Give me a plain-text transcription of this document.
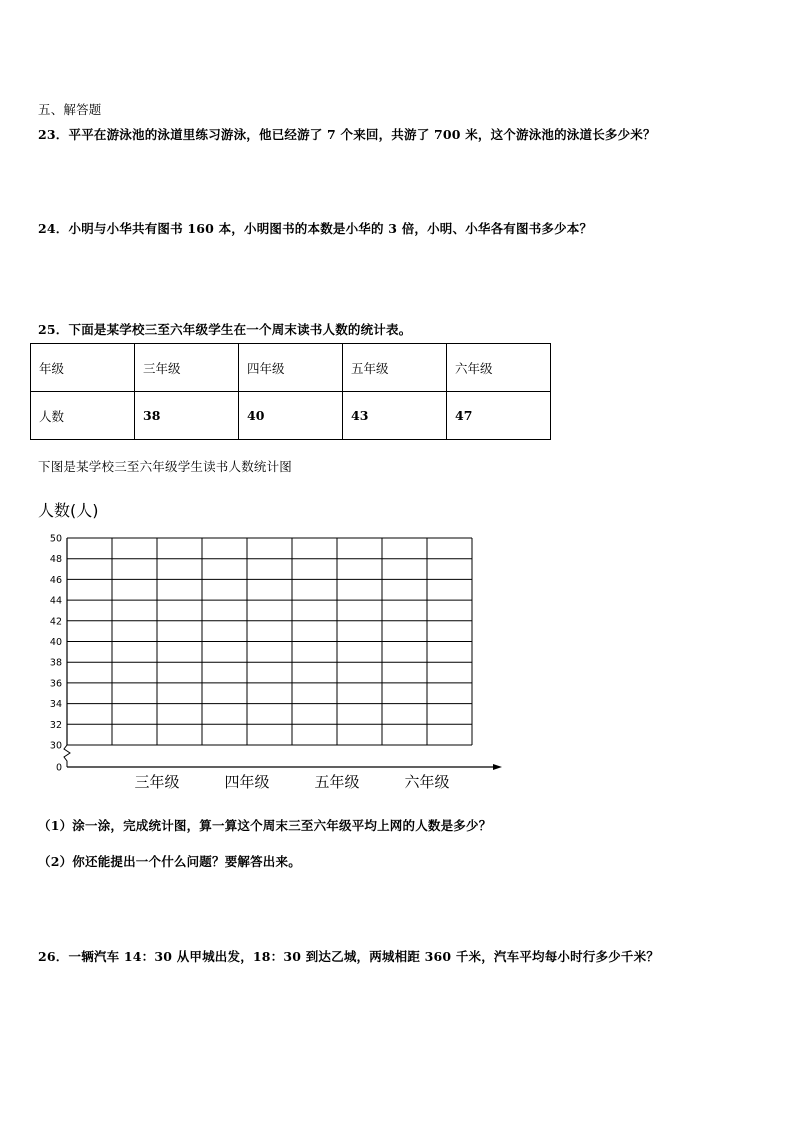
五、解答题
23．平平在游泳池的泳道里练习游泳，他已经游了 7 个来回，共游了 700 米，这个游泳池的泳道长多少米？
24．小明与小华共有图书 160 本，小明图书的本数是小华的 3 倍，小明、小华各有图书多少本？
25．下面是某学校三至六年级学生在一个周末读书人数的统计表。
年级	三年级	四年级	五年级	六年级
人数	38	40	43	47
下图是某学校三至六年级学生读书人数统计图
人数(人)
0
30
32
34
36
38
40
42
44
46
48
50
三年级	四年级	五年级	六年级
（1）涂一涂，完成统计图，算一算这个周末三至六年级平均上网的人数是多少？
（2）你还能提出一个什么问题？要解答出来。
26．一辆汽车 14：30 从甲城出发，18：30 到达乙城，两城相距 360 千米，汽车平均每小时行多少千米？
